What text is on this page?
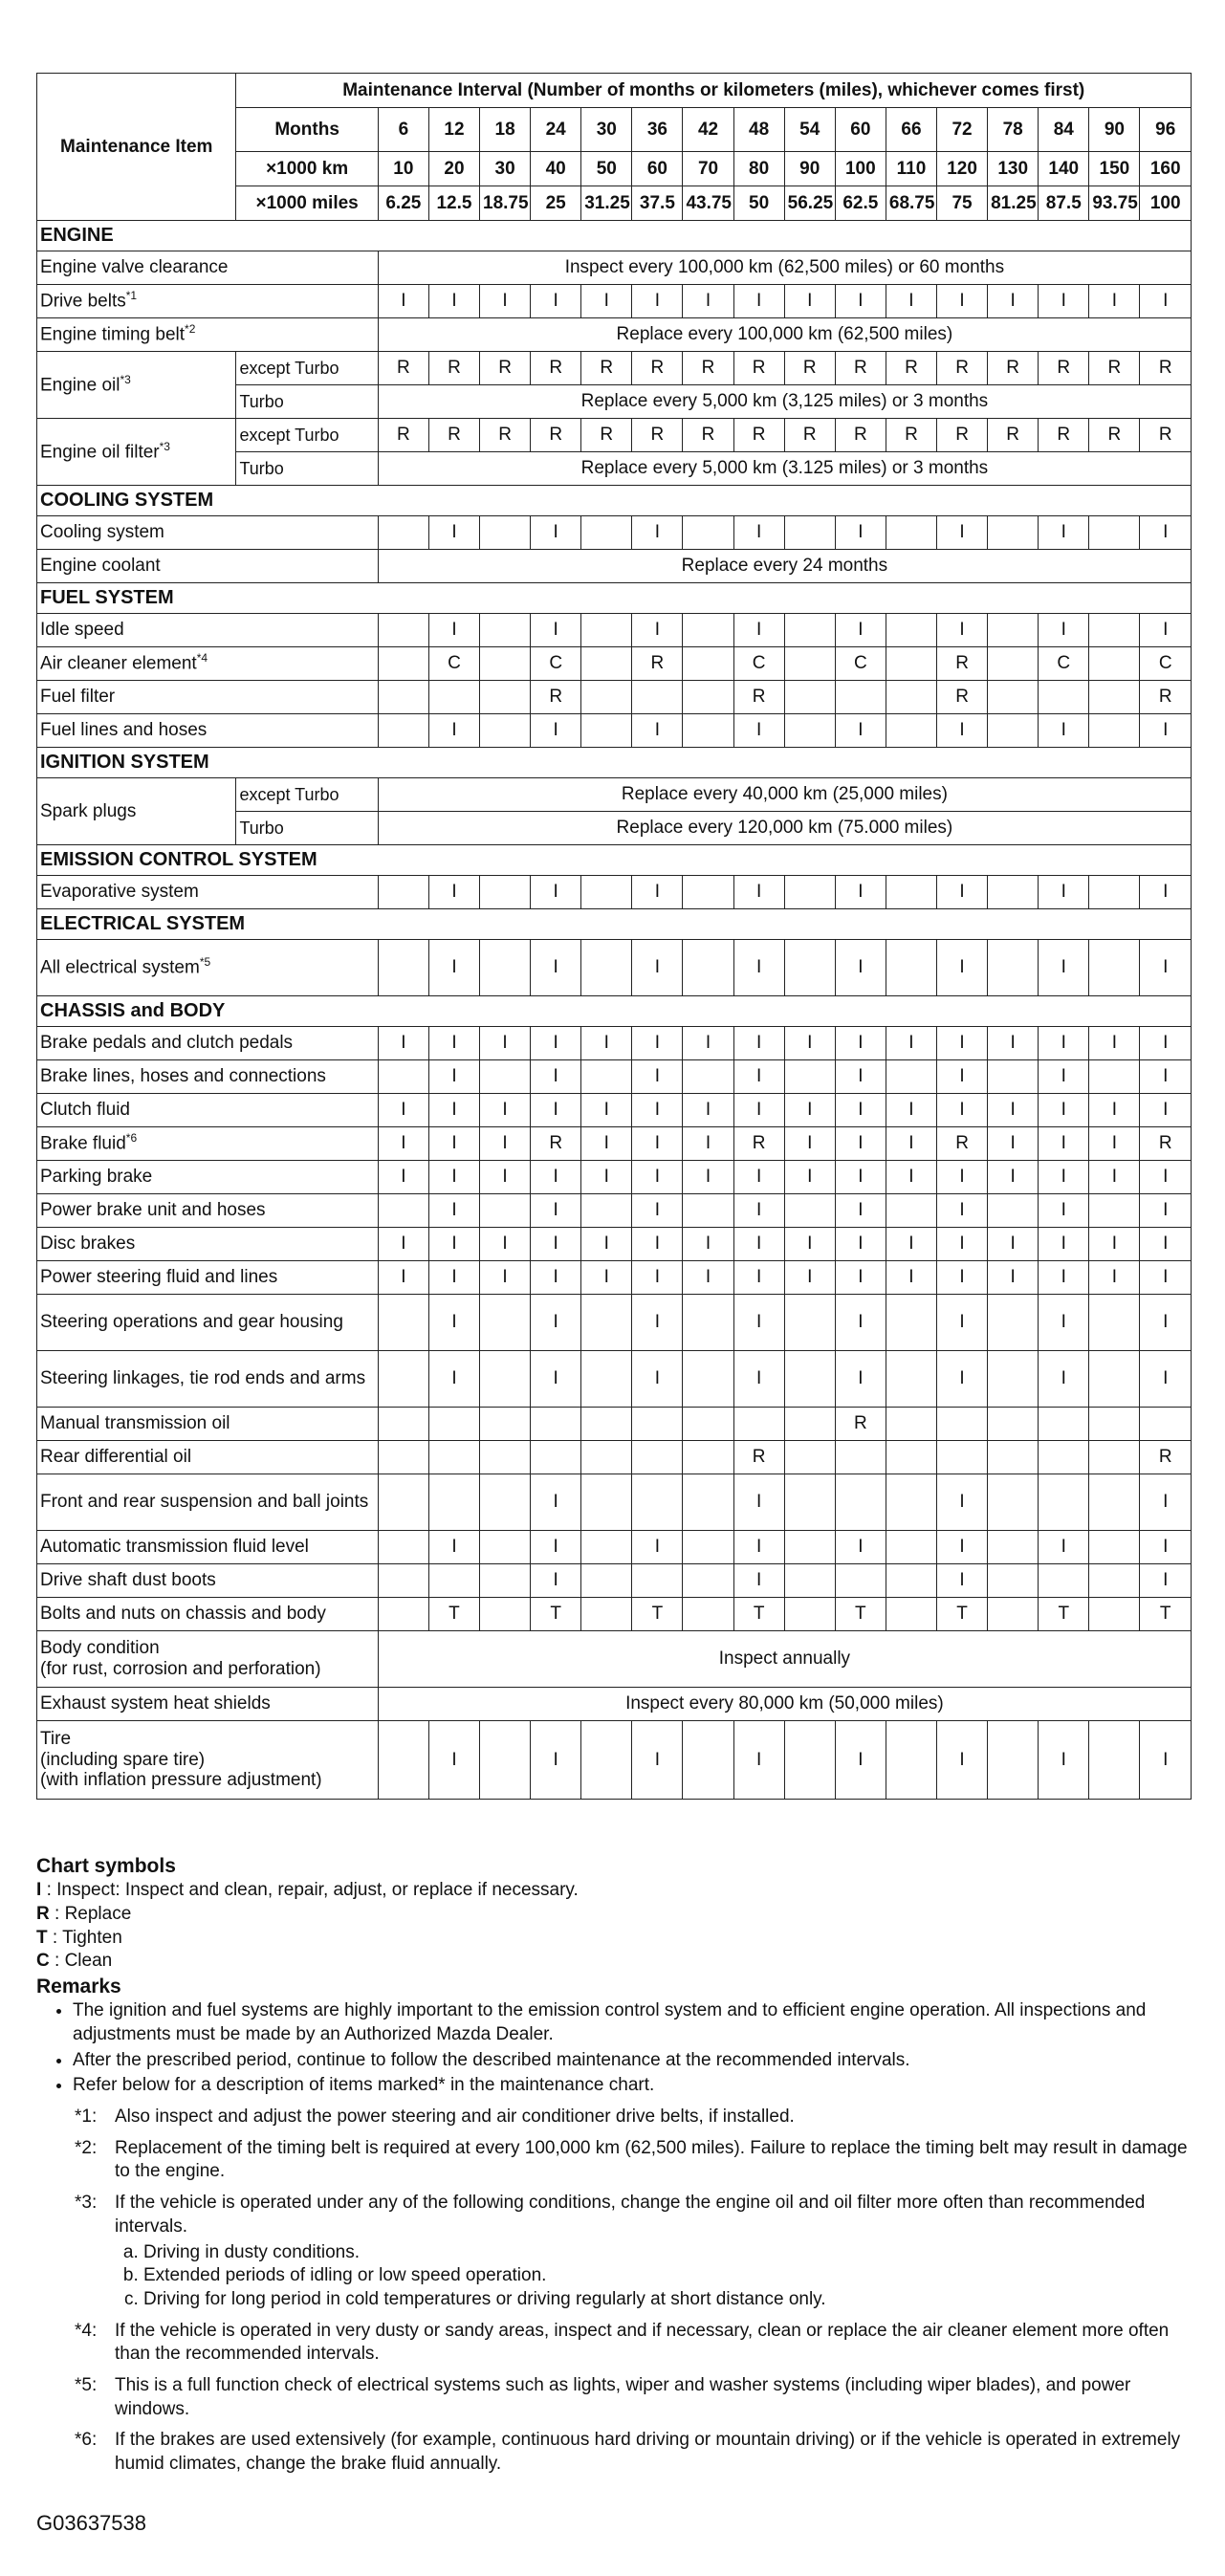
Maintenance Item	Maintenance Interval (Number of months or kilometers (miles), whichever comes first)																
	Months	6	12	18	24	30	36	42	48	54	60	66	72	78	84	90	96
	×1000 km	10	20	30	40	50	60	70	80	90	100	110	120	130	140	150	160
	×1000 miles	6.25	12.5	18.75	25	31.25	37.5	43.75	50	56.25	62.5	68.75	75	81.25	87.5	93.75	100
ENGINE																	
Engine valve clearance		Inspect every 100,000 km (62,500 miles) or 60 months															
Drive belts$^{*1}$		I	I	I	I	I	I	I	I	I	I	I	I	I	I	I	I
Engine timing belt$^{*2}$		Replace every 100,000 km (62,500 miles)															
Engine oil$^{*3}$	except Turbo	R	R	R	R	R	R	R	R	R	R	R	R	R	R	R	R
	Turbo	Replace every 5,000 km (3,125 miles) or 3 months															
Engine oil filter$^{*3}$	except Turbo	R	R	R	R	R	R	R	R	R	R	R	R	R	R	R	R
	Turbo	Replace every 5,000 km (3.125 miles) or 3 months															
COOLING SYSTEM																	
Cooling system			I		I		I		I		I		I		I		I
Engine coolant		Replace every 24 months															
FUEL SYSTEM																	
Idle speed			I		I		I		I		I		I		I		I
Air cleaner element$^{*4}$			C		C		R		C		C		R		C		C
Fuel filter					R				R				R				R
Fuel lines and hoses			I		I		I		I		I		I		I		I
IGNITION SYSTEM																	
Spark plugs	except Turbo	Replace every 40,000 km (25,000 miles)															
	Turbo	Replace every 120,000 km (75.000 miles)															
EMISSION CONTROL SYSTEM																	
Evaporative system			I		I		I		I		I		I		I		I
ELECTRICAL SYSTEM																	
All electrical system$^{*5}$			I		I		I		I		I		I		I		I
CHASSIS and BODY																	
Brake pedals and clutch pedals		I	I	I	I	I	I	I	I	I	I	I	I	I	I	I	I
Brake lines, hoses and connections			I		I		I		I		I		I		I		I
Clutch fluid		I	I	I	I	I	I	I	I	I	I	I	I	I	I	I	I
Brake fluid$^{*6}$		I	I	I	R	I	I	I	R	I	I	I	R	I	I	I	R
Parking brake		I	I	I	I	I	I	I	I	I	I	I	I	I	I	I	I
Power brake unit and hoses			I		I		I		I		I		I		I		I
Disc brakes		I	I	I	I	I	I	I	I	I	I	I	I	I	I	I	I
Power steering fluid and lines		I	I	I	I	I	I	I	I	I	I	I	I	I	I	I	I
Steering operations and gear housing			I		I		I		I		I		I		I		I
Steering linkages, tie rod ends and arms			I		I		I		I		I		I		I		I
Manual transmission oil											R						
Rear differential oil									R								R
Front and rear suspension and ball joints					I				I				I				I
Automatic transmission fluid level			I		I		I		I		I		I		I		I
Drive shaft dust boots					I				I				I				I
Bolts and nuts on chassis and body			T		T		T		T		T		T		T		T
Body condition
(for rust, corrosion and perforation)		Inspect annually															
Exhaust system heat shields		Inspect every 80,000 km (50,000 miles)															
Tire
(including spare tire)
(with inflation pressure adjustment)			I		I		I		I		I		I		I		I
Chart symbols
I : Inspect: Inspect and clean, repair, adjust, or replace if necessary.
R : Replace
T : Tighten
C : Clean
Remarks
• The ignition and fuel systems are highly important to the emission control system and to efficient engine operation. All inspections and adjustments must be made by an Authorized Mazda Dealer.
• After the prescribed period, continue to follow the described maintenance at the recommended intervals.
• Refer below for a description of items marked* in the maintenance chart.
*1: Also inspect and adjust the power steering and air conditioner drive belts, if installed.
*2: Replacement of the timing belt is required at every 100,000 km (62,500 miles). Failure to replace the timing belt may result in damage to the engine.
*3: If the vehicle is operated under any of the following conditions, change the engine oil and oil filter more often than recommended intervals.
a. Driving in dusty conditions.
b. Extended periods of idling or low speed operation.
c. Driving for long period in cold temperatures or driving regularly at short distance only.
*4: If the vehicle is operated in very dusty or sandy areas, inspect and if necessary, clean or replace the air cleaner element more often than the recommended intervals.
*5: This is a full function check of electrical systems such as lights, wiper and washer systems (including wiper blades), and power windows.
*6: If the brakes are used extensively (for example, continuous hard driving or mountain driving) or if the vehicle is operated in extremely humid climates, change the brake fluid annually.
G03637538
